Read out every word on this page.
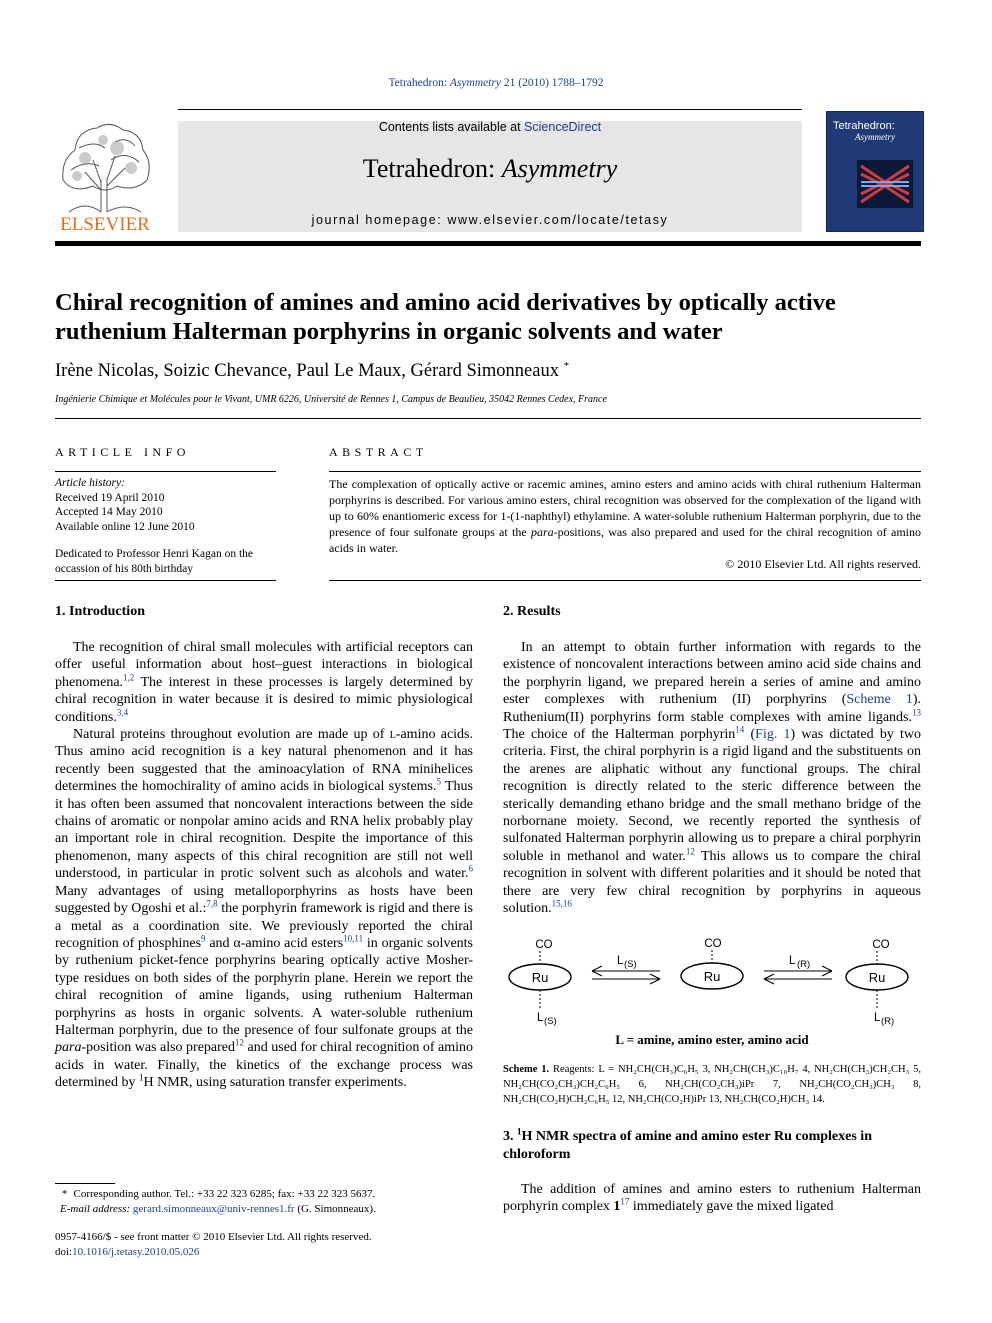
Tetrahedron: Asymmetry 21 (2010) 1788–1792
ELSEVIER
Contents lists available at ScienceDirect
Tetrahedron: Asymmetry
journal homepage: www.elsevier.com/locate/tetasy
Tetrahedron:
Asymmetry
Chiral recognition of amines and amino acid derivatives by optically active
ruthenium Halterman porphyrins in organic solvents and water
Irène Nicolas, Soizic Chevance, Paul Le Maux, Gérard Simonneaux *
Ingénierie Chimique et Molécules pour le Vivant, UMR 6226, Université de Rennes 1, Campus de Beaulieu, 35042 Rennes Cedex, France
ARTICLE INFO
Article history:
Received 19 April 2010
Accepted 14 May 2010
Available online 12 June 2010
Dedicated to Professor Henri Kagan on the
occassion of his 80th birthday
ABSTRACT
The complexation of optically active or racemic amines, amino esters and amino acids with chiral ruthenium Halterman porphyrins is described. For various amino esters, chiral recognition was observed for the complexation of the ligand with up to 60% enantiomeric excess for 1-(1-naphthyl) ethylamine. A water-soluble ruthenium Halterman porphyrin, due to the presence of four sulfonate groups at the para-positions, was also prepared and used for the chiral recognition of amino acids in water.
© 2010 Elsevier Ltd. All rights reserved.
1. Introduction

The recognition of chiral small molecules with artificial receptors can offer useful information about host–guest interactions in biological phenomena.$^{1,2}$ The interest in these processes is largely determined by chiral recognition in water because it is desired to mimic physiological conditions.$^{3,4}$

Natural proteins throughout evolution are made up of l-amino acids. Thus amino acid recognition is a key natural phenomenon and it has recently been suggested that the aminoacylation of RNA minihelices determines the homochirality of amino acids in biological systems.$^5$ Thus it has often been assumed that noncovalent interactions between the side chains of aromatic or nonpolar amino acids and RNA helix probably play an important role in chiral recognition. Despite the importance of this phenomenon, many aspects of this chiral recognition are still not well understood, in particular in protic solvent such as alcohols and water.$^6$ Many advantages of using metalloporphyrins as hosts have been suggested by Ogoshi et al.:$^{7,8}$ the porphyrin framework is rigid and there is a metal as a coordination site. We previously reported the chiral recognition of phosphines$^9$ and α-amino acid esters$^{10,11}$ in organic solvents by ruthenium picket-fence porphyrins bearing optically active Mosher-type residues on both sides of the porphyrin plane. Herein we report the chiral recognition of amine ligands, using ruthenium Halterman porphyrins as hosts in organic solvents. A water-soluble ruthenium Halterman porphyrin, due to the presence of four sulfonate groups at the para-position was also prepared$^{12}$ and used for chiral recognition of amino acids in water. Finally, the kinetics of the exchange process was determined by $^1$H NMR, using saturation transfer experiments.

2. Results

In an attempt to obtain further information with regards to the existence of noncovalent interactions between amino acid side chains and the porphyrin ligand, we prepared herein a series of amine and amino ester complexes with ruthenium (II) porphyrins (Scheme 1). Ruthenium(II) porphyrins form stable complexes with amine ligands.$^{13}$ The choice of the Halterman porphyrin$^{14}$ (Fig. 1) was dictated by two criteria. First, the chiral porphyrin is a rigid ligand and the substituents on the arenes are aliphatic without any functional groups. The chiral recognition is directly related to the steric difference between the sterically demanding ethano bridge and the small methano bridge of the norbornane moiety. Second, we recently reported the synthesis of sulfonated Halterman porphyrin allowing us to prepare a chiral porphyrin soluble in methanol and water.$^{12}$ This allows us to compare the chiral recognition in solvent with different polarities and it should be noted that there are very few chiral recognition by porphyrins in aqueous solution.$^{15,16}$

CO
Ru
L (S)
L (S)
CO
Ru
L (R)
CO
Ru
L (R)
L = amine, amino ester, amino acid
Scheme 1. Reagents: L = NH₂CH(CH₃)C₆H₅ 3, NH₂CH(CH₃)C₁₀H₇ 4, NH₂CH(CH₃)CH₂CH₃ 5, NH₂CH(CO₂CH₃)CH₂C₆H₅ 6, NH₂CH(CO₂CH₃)iPr 7, NH₂CH(CO₂CH₃)CH₃ 8, NH₂CH(CO₂H)CH₂C₆H₅ 12, NH₂CH(CO₂H)iPr 13, NH₂CH(CO₂H)CH₃ 14.
3. $^1$H NMR spectra of amine and amino ester Ru complexes in
chloroform

The addition of amines and amino esters to ruthenium Halterman porphyrin complex $1^{17}$ immediately gave the mixed ligated

* Corresponding author. Tel.: +33 22 323 6285; fax: +33 22 323 5637.
E-mail address: gerard.simonneaux@univ-rennes1.fr (G. Simonneaux).
0957-4166/$ - see front matter © 2010 Elsevier Ltd. All rights reserved.
doi:10.1016/j.tetasy.2010.05.026
